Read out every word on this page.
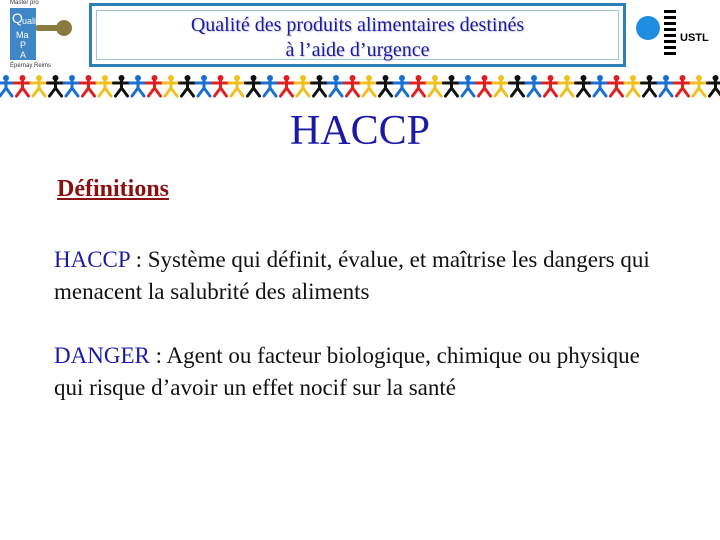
Master pro
Q uali
Ma
P
A
Épernay Reims
Qualité des produits alimentaires destinés
à l’aide d’urgence
USTL
HACCP
Définitions
HACCP : Système qui définit, évalue, et maîtrise les dangers qui menacent la salubrité des aliments
DANGER : Agent ou facteur biologique, chimique ou physique qui risque d’avoir un effet nocif sur la santé
